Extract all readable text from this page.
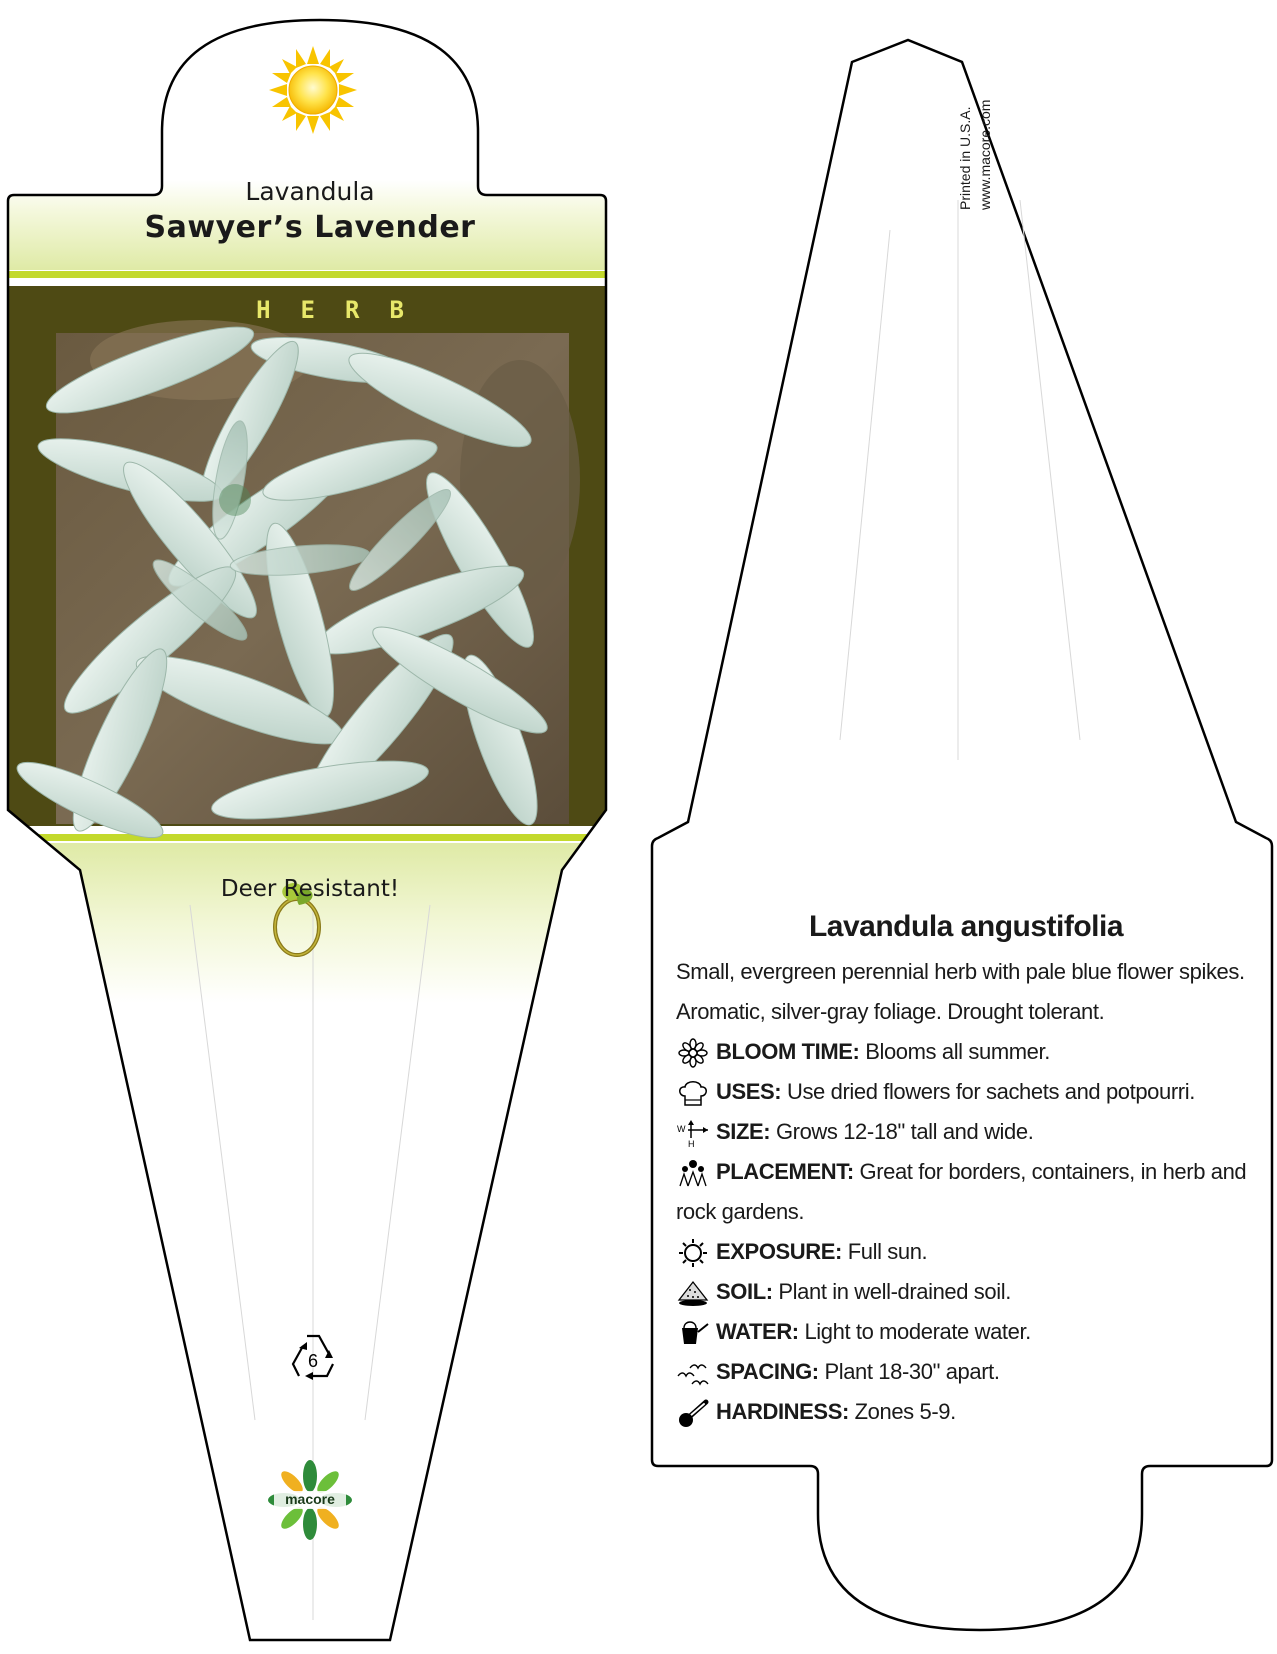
Lavandula
Sawyer’s Lavender
HERB
Deer Resistant!
6
macore
Printed in U.S.A. www.macore.com
Lavandula angustifolia
Small, evergreen perennial herb with pale blue flower spikes. Aromatic, silver-gray foliage. Drought tolerant.
BLOOM TIME: Blooms all summer.
USES: Use dried flowers for sachets and potpourri.
W
H
SIZE: Grows 12-18" tall and wide.
PLACEMENT: Great for borders, containers, in herb and rock gardens.
EXPOSURE: Full sun.
SOIL: Plant in well-drained soil.
WATER: Light to moderate water.
SPACING: Plant 18-30" apart.
HARDINESS: Zones 5-9.
